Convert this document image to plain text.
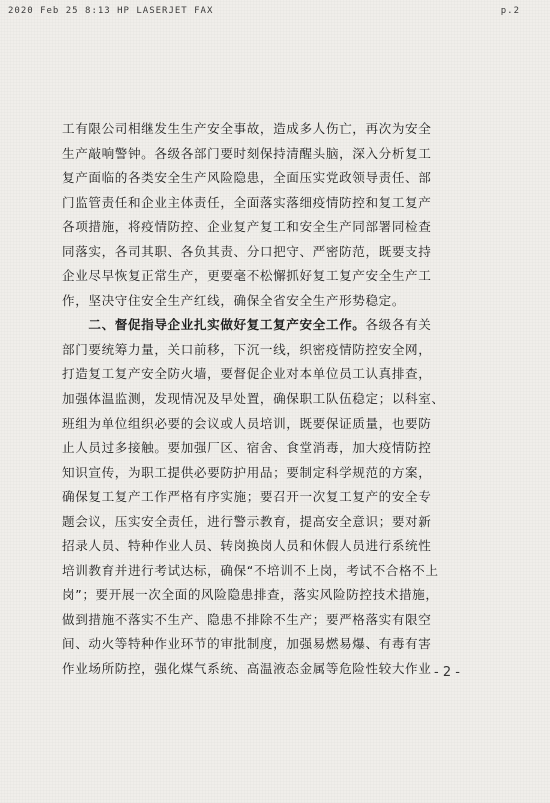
2020 Feb 25 8:13 HP LASERJET FAX	p.2
工有限公司相继发生生产安全事故，造成多人伤亡，再次为安全
生产敲响警钟。各级各部门要时刻保持清醒头脑，深入分析复工
复产面临的各类安全生产风险隐患，全面压实党政领导责任、部
门监管责任和企业主体责任，全面落实落细疫情防控和复工复产
各项措施，将疫情防控、企业复产复工和安全生产同部署同检查
同落实，各司其职、各负其责、分口把守、严密防范，既要支持
企业尽早恢复正常生产，更要毫不松懈抓好复工复产安全生产工
作，坚决守住安全生产红线，确保全省安全生产形势稳定。
  二、督促指导企业扎实做好复工复产安全工作。各级各有关
部门要统筹力量，关口前移，下沉一线，织密疫情防控安全网，
打造复工复产安全防火墙，要督促企业对本单位员工认真排查，
加强体温监测，发现情况及早处置，确保职工队伍稳定；以科室、
班组为单位组织必要的会议或人员培训，既要保证质量，也要防
止人员过多接触。要加强厂区、宿舍、食堂消毒，加大疫情防控
知识宣传，为职工提供必要防护用品；要制定科学规范的方案，
确保复工复产工作严格有序实施；要召开一次复工复产的安全专
题会议，压实安全责任，进行警示教育，提高安全意识；要对新
招录人员、特种作业人员、转岗换岗人员和休假人员进行系统性
培训教育并进行考试达标，确保“不培训不上岗，考试不合格不上
岗”；要开展一次全面的风险隐患排查，落实风险防控技术措施，
做到措施不落实不生产、隐患不排除不生产；要严格落实有限空
间、动火等特种作业环节的审批制度，加强易燃易爆、有毒有害
作业场所防控，强化煤气系统、高温液态金属等危险性较大作业 - 2 -
